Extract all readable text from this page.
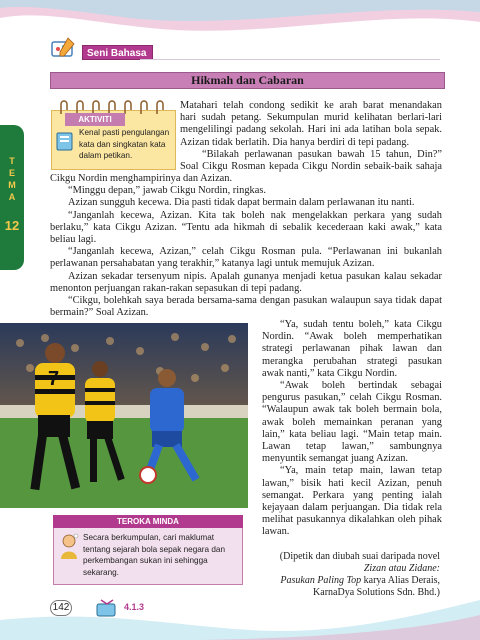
Seni Bahasa
Hikmah dan Cabaran
T
E
M
A
12
AKTIVITI
Kenal pasti pengulangan kata dan singkatan kata dalam petikan.
Matahari telah condong sedikit ke arah barat menandakan
hari sudah petang. Sekumpulan murid kelihatan berlari-lari
mengelilingi padang sekolah. Hari ini ada latihan bola sepak.
Azizan tidak berlatih. Dia hanya berdiri di tepi padang.
“Bilakah perlawanan pasukan bawah 15 tahun, Din?”
Soal Cikgu Rosman kepada Cikgu Nordin sebaik-baik sahaja
Cikgu Nordin menghampirinya dan Azizan.
“Minggu depan,” jawab Cikgu Nordin, ringkas.
Azizan sungguh kecewa. Dia pasti tidak dapat bermain dalam perlawanan itu nanti.
“Janganlah kecewa, Azizan. Kita tak boleh nak mengelakkan perkara yang sudah berlaku,” kata Cikgu Azizan. “Tentu ada hikmah di sebalik kecederaan kaki awak,” kata beliau lagi.
“Janganlah kecewa, Azizan,” celah Cikgu Rosman pula. “Perlawanan ini bukanlah perlawanan persahabatan yang terakhir,” katanya lagi untuk memujuk Azizan.
Azizan sekadar tersenyum nipis. Apalah gunanya menjadi ketua pasukan kalau sekadar menonton perjuangan rakan-rakan sepasukan di tepi padang.
“Cikgu, bolehkah saya berada bersama-sama dengan pasukan walaupun saya tidak dapat bermain?” Soal Azizan.
7
“Ya, sudah tentu boleh,” kata Cikgu Nordin. “Awak boleh memperhatikan strategi perlawanan pihak lawan dan merangka perubahan strategi pasukan awak nanti,” kata Cikgu Nordin.
“Awak boleh bertindak sebagai pengurus pasukan,” celah Cikgu Rosman. “Walaupun awak tak boleh bermain bola, awak boleh memainkan peranan yang lain,” kata beliau lagi. “Main tetap main. Lawan tetap lawan,” sambungnya menyuntik semangat juang Azizan.
“Ya, main tetap main, lawan tetap lawan,” bisik hati kecil Azizan, penuh semangat. Perkara yang penting ialah kejayaan dalam perjuangan. Dia tidak rela melihat pasukannya dikalahkan oleh pihak lawan.
TEROKA MINDA
Secara berkumpulan, cari maklumat tentang sejarah bola sepak negara dan perkembangan sukan ini sehingga sekarang.
(Dipetik dan diubah suai daripada novel
Zizan atau Zidane:
Pasukan Paling Top karya Alias Derais,
KarnaDya Solutions Sdn. Bhd.)
142	4.1.3
